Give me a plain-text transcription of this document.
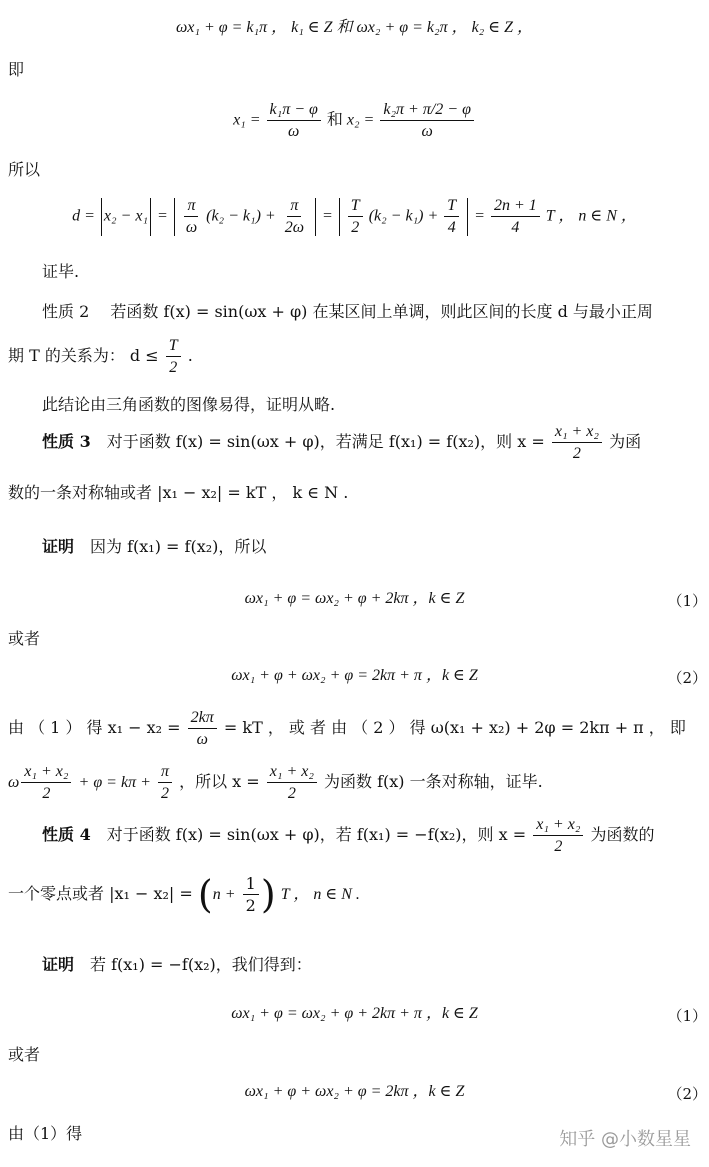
ωx₁ + φ = k₁π ， k₁ ∈ Z 和 ωx₂ + φ = k₂π ， k₂ ∈ Z ，
即
$x_1 = \frac{\text{k₁π − φ}}{\omega}$ 和 $x_2 = \frac{\text{k₂π + π/2 − φ}}{\omega}$
所以
$d = x_2 - x_1 = \frac{\pi}{\omega} (k_2 - k_1) + \frac{\pi}{2\omega} = \frac{T}{2} (k_2 - k_1) + \frac{T}{4} = \frac{2n + 1}{4}$ T ， n ∈ N ，
证毕.
性质 2　 若函数 f(x) = sin(ωx + φ) 在某区间上单调，则此区间的长度 d 与最小正周
期 T 的关系为： $d \le \frac{T}{2}$ .
此结论由三角函数的图像易得，证明从略.
性质 3　对于函数 f(x) = sin(ωx + φ)，若满足 f(x₁) = f(x₂)，则 $x = \frac{\text{x₁ + x₂}}{2}$ 为函
数的一条对称轴或者 |x₁ − x₂| = kT ， k ∈ N .
证明　因为 f(x₁) = f(x₂)，所以
ωx₁ + φ = ωx₂ + φ + 2kπ ，k ∈ Z	（1）
或者
ωx₁ + φ + ωx₂ + φ = 2kπ + π ，k ∈ Z	（2）
由 （ 1 ） 得 $x_1 - x_2 = \frac{2k\pi}{\omega}$ = kT ， 或 者 由 （ 2 ） 得 ω(x₁ + x₂) + 2φ = 2kπ + π ， 即
ω $\frac{\text{x₁ + x₂}}{2} + \varphi = k\pi + \frac{\pi}{2}$ ，所以 $x = \frac{\text{x₁ + x₂}}{2}$ 为函数 f(x) 一条对称轴，证毕.
性质 4　对于函数 f(x) = sin(ωx + φ)，若 f(x₁) = −f(x₂)，则 $x = \frac{\text{x₁ + x₂}}{2}$ 为函数的
一个零点或者 $|x_1 - x_2| = (n + \frac{1}{2}$ ) T ， n ∈ N .
证明　若 f(x₁) = −f(x₂)，我们得到：
ωx₁ + φ = ωx₂ + φ + 2kπ + π ，k ∈ Z	（1）
或者
ωx₁ + φ + ωx₂ + φ = 2kπ ，k ∈ Z	（2）
由（1）得	知乎 @小数星星
